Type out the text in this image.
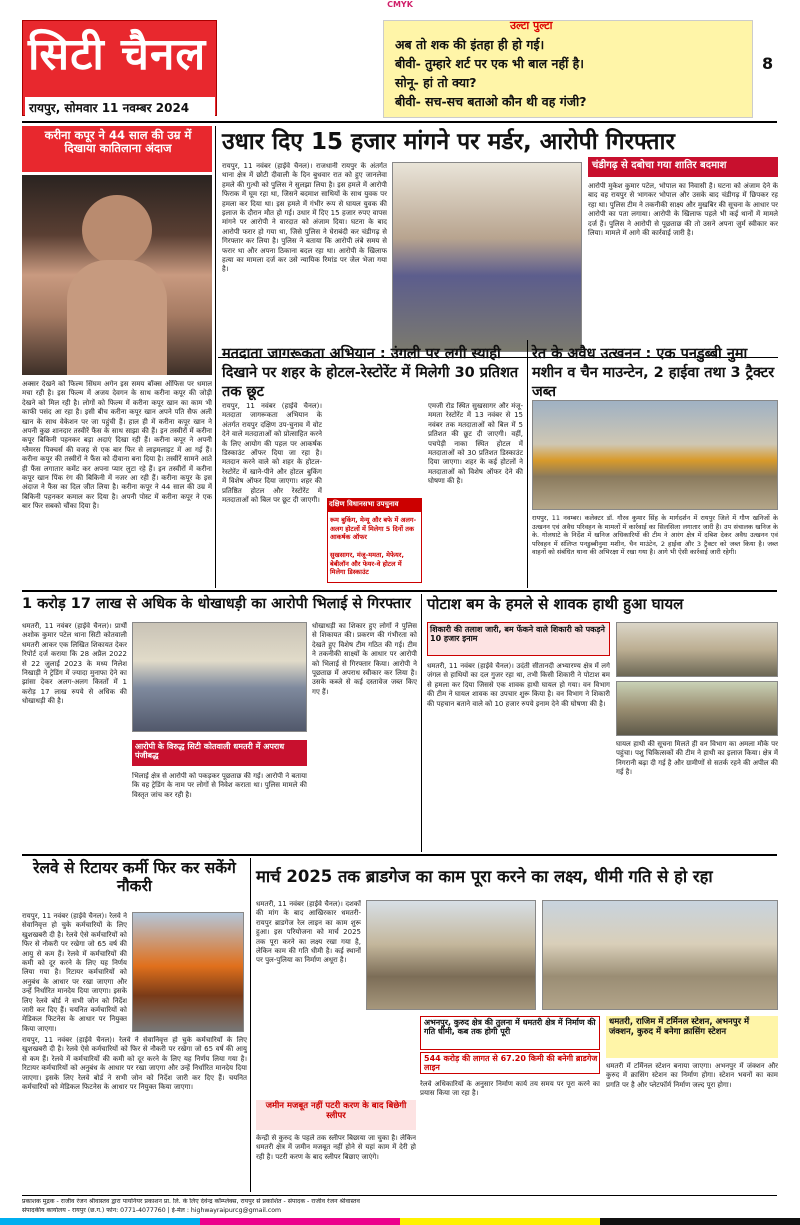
CMYK
सिटी चैनल
रायपुर, सोमवार 11 नवम्बर 2024
उल्टा पुल्टा
अब तो शक की इंतहा ही हो गई।
बीवी- तुम्हारे शर्ट पर एक भी बाल नहीं है।
सोनू- हां तो क्या?
बीवी- सच-सच बताओ कौन थी वह गंजी?
8
करीना कपूर ने 44 साल की उम्र में दिखाया कातिलाना अंदाज
अक्सर देखने को फिल्म सिंघम अगेन इस समय बॉक्स ऑफिस पर धमाल मचा रही है। इस फिल्म में अजय देवगन के साथ करीना कपूर की जोड़ी देखने को मिल रही है। लोगों को फिल्म में करीना कपूर खान का काम भी काफी पसंद आ रहा है। इसी बीच करीना कपूर खान अपने पति सैफ अली खान के साथ वेकेशन पर जा पहुंची हैं। हाल ही में करीना कपूर खान ने अपनी कुछ शानदार तस्वीरें फैंस के साथ साझा की हैं। इन तस्वीरों में करीना कपूर बिकिनी पहनकर बड़ा अदाएं दिखा रही हैं। करीना कपूर ने अपनी ग्लैमरस पिक्चर्स की वजह से एक बार फिर से लाइमलाइट में आ गई हैं। करीना कपूर की तस्वीरों ने फैंस को दीवाना बना दिया है। तस्वीरें सामने आते ही फैंस लगातार कमेंट कर अपना प्यार लुटा रहे हैं। इन तस्वीरों में करीना कपूर खान पिंक रंग की बिकिनी में नजर आ रही हैं। करीना कपूर के इस अंदाज ने फैंस का दिल जीत लिया है। करीना कपूर ने 44 साल की उम्र में बिकिनी पहनकर कमाल कर दिया है। अपनी पोस्ट में करीना कपूर ने एक बार फिर सबको चौंका दिया है।
उधार दिए 15 हजार मांगने पर मर्डर, आरोपी गिरफ्तार
रायपुर, 11 नवंबर (हाईवे चैनल)। राजधानी रायपुर के अंतर्गत थाना क्षेत्र में छोटी दीवाली के दिन बुधवार रात को हुए जानलेवा हमले की गुत्थी को पुलिस ने सुलझा लिया है। इस हमले में आरोपी फिराक में घूम रहा था, जिसने बदमाश साथियों के साथ युवक पर हमला कर दिया था। इस हमले में गंभीर रूप से घायल युवक की इलाज के दौरान मौत हो गई। उधार में दिए 15 हजार रुपए वापस मांगने पर आरोपी ने वारदात को अंजाम दिया। घटना के बाद आरोपी फरार हो गया था, जिसे पुलिस ने घेराबंदी कर चंडीगढ़ से गिरफ्तार कर लिया है। पुलिस ने बताया कि आरोपी लंबे समय से फरार था और अपना ठिकाना बदल रहा था। आरोपी के खिलाफ हत्या का मामला दर्ज कर उसे न्यायिक रिमांड पर जेल भेजा गया है।
चंडीगढ़ से दबोचा गया शातिर बदमाश
आरोपी मुकेश कुमार पटेल, भोपाल का निवासी है। घटना को अंजाम देने के बाद वह रायपुर से भागकर भोपाल और उसके बाद चंडीगढ़ में छिपकर रह रहा था। पुलिस टीम ने तकनीकी साक्ष्य और मुखबिर की सूचना के आधार पर आरोपी का पता लगाया। आरोपी के खिलाफ पहले भी कई थानों में मामले दर्ज हैं। पुलिस ने आरोपी से पूछताछ की तो उसने अपना जुर्म स्वीकार कर लिया। मामले में आगे की कार्रवाई जारी है।
मतदाता जागरूकता अभियान : उंगली पर लगी स्याही दिखाने पर शहर के होटल-रेस्टोरेंट में मिलेगी 30 प्रतिशत तक छूट
रायपुर, 11 नवंबर (हाईवे चैनल)। मतदाता जागरूकता अभियान के अंतर्गत रायपुर दक्षिण उप-चुनाव में वोट देने वाले मतदाताओं को प्रोत्साहित करने के लिए आयोग की पहल पर आकर्षक डिस्काउंट ऑफर दिया जा रहा है। मतदान करने वाले को शहर के होटल-रेस्टोरेंट में खाने-पीने और होटल बुकिंग में विशेष ऑफर दिया जाएगा। शहर की प्रतिष्ठित होटल और रेस्टोरेंट में मतदाताओं को बिल पर छूट दी जाएगी।
एमजी रोड स्थित सुखसागर और मंजू-ममता रेस्टोरेंट में 13 नवंबर से 15 नवंबर तक मतदाताओं को बिल में 5 प्रतिशत की छूट दी जाएगी। वहीं, पचपेड़ी नाका स्थित होटल में मतदाताओं को 30 प्रतिशत डिस्काउंट दिया जाएगा। शहर के कई होटलों ने मतदाताओं को विशेष ऑफर देने की घोषणा की है।
दक्षिण विधानसभा उपचुनाव
रूम बुकिंग, मेन्यू और बफे में अलग-अलग होटलों में मिलेगा 5 दिनों तक आकर्षक ऑफर
सुखसागर, मंजू-ममता, मेफेयर, बेबीलॉन और फेयर-वे होटल में मिलेगा डिस्काउंट
रेत के अवैध उत्खनन : एक पनडुब्बी नुमा मशीन व चैन माउन्टेन, 2 हाईवा तथा 3 ट्रैक्टर जब्त
रायपुर, 11 नवम्बर। कलेक्टर डॉ. गौरव कुमार सिंह के मार्गदर्शन में रायपुर जिले में गौण खनिजों के उत्खनन एवं अवैध परिवहन के मामलों में कार्रवाई का सिलसिला लगातार जारी है। उप संचालक खनिज के के. गोलघाटे के निर्देश में खनिज अधिकारियों की टीम ने आरंग क्षेत्र में दबिश देकर अवैध उत्खनन एवं परिवहन में संलिप्त पनडुब्बीनुमा मशीन, चैन माउंटेन, 2 हाईवा और 3 ट्रैक्टर को जब्त किया है। जब्त वाहनों को संबंधित थाना की अभिरक्षा में रखा गया है। आगे भी ऐसी कार्रवाई जारी रहेगी।
1 करोड़ 17 लाख से अधिक के धोखाधड़ी का आरोपी भिलाई से गिरफ्तार
धमतरी, 11 नवंबर (हाईवे चैनल)। प्रार्थी अशोक कुमार पटेल थाना सिटी कोतवाली धमतरी आकर एक लिखित शिकायत देकर रिपोर्ट दर्ज कराया कि 28 अप्रैल 2022 से 22 जुलाई 2023 के मध्य निलेश निखाड़ी ने ट्रेडिंग में ज्यादा मुनाफा देने का झांसा देकर अलग-अलग किस्तों में 1 करोड़ 17 लाख रुपये से अधिक की धोखाधड़ी की है।
आरोपी के विरुद्ध सिटी कोतवाली धमतरी में अपराध पंजीबद्ध
भिलाई क्षेत्र से आरोपी को पकड़कर पूछताछ की गई। आरोपी ने बताया कि वह ट्रेडिंग के नाम पर लोगों से निवेश कराता था। पुलिस मामले की विस्तृत जांच कर रही है।
धोखाधड़ी का शिकार हुए लोगों ने पुलिस से शिकायत की। प्रकरण की गंभीरता को देखते हुए विशेष टीम गठित की गई। टीम ने तकनीकी साक्ष्यों के आधार पर आरोपी को भिलाई से गिरफ्तार किया। आरोपी ने पूछताछ में अपराध स्वीकार कर लिया है। उसके कब्जे से कई दस्तावेज जब्त किए गए हैं।
पोटाश बम के हमले से शावक हाथी हुआ घायल
शिकारी की तलाश जारी, बम फेंकने वाले शिकारी को पकड़ने 10 हजार इनाम
धमतरी, 11 नवंबर (हाईवे चैनल)। उदंती सीतानदी अभ्यारण्य क्षेत्र में लगे जंगल से हाथियों का दल गुजर रहा था, तभी किसी शिकारी ने पोटाश बम से हमला कर दिया जिससे एक शावक हाथी घायल हो गया। वन विभाग की टीम ने घायल शावक का उपचार शुरू किया है। वन विभाग ने शिकारी की पहचान बताने वाले को 10 हजार रुपये इनाम देने की घोषणा की है।
घायल हाथी की सूचना मिलते ही वन विभाग का अमला मौके पर पहुंचा। पशु चिकित्सकों की टीम ने हाथी का इलाज किया। क्षेत्र में निगरानी बढ़ा दी गई है और ग्रामीणों से सतर्क रहने की अपील की गई है।
रेलवे से रिटायर कर्मी फिर कर सकेंगे नौकरी
रायपुर, 11 नवंबर (हाईवे चैनल)। रेलवे ने सेवानिवृत्त हो चुके कर्मचारियों के लिए खुशखबरी दी है। रेलवे ऐसे कर्मचारियों को फिर से नौकरी पर रखेगा जो 65 वर्ष की आयु से कम हैं। रेलवे में कर्मचारियों की कमी को दूर करने के लिए यह निर्णय लिया गया है। रिटायर कर्मचारियों को अनुबंध के आधार पर रखा जाएगा और उन्हें निर्धारित मानदेय दिया जाएगा। इसके लिए रेलवे बोर्ड ने सभी जोन को निर्देश जारी कर दिए हैं। चयनित कर्मचारियों को मेडिकल फिटनेस के आधार पर नियुक्त किया जाएगा।
रायपुर, 11 नवंबर (हाईवे चैनल)। रेलवे ने सेवानिवृत्त हो चुके कर्मचारियों के लिए खुशखबरी दी है। रेलवे ऐसे कर्मचारियों को फिर से नौकरी पर रखेगा जो 65 वर्ष की आयु से कम हैं। रेलवे में कर्मचारियों की कमी को दूर करने के लिए यह निर्णय लिया गया है। रिटायर कर्मचारियों को अनुबंध के आधार पर रखा जाएगा और उन्हें निर्धारित मानदेय दिया जाएगा। इसके लिए रेलवे बोर्ड ने सभी जोन को निर्देश जारी कर दिए हैं। चयनित कर्मचारियों को मेडिकल फिटनेस के आधार पर नियुक्त किया जाएगा।
मार्च 2025 तक ब्राडगेज का काम पूरा करने का लक्ष्य, धीमी गति से हो रहा
धमतरी, 11 नवंबर (हाईवे चैनल)। दशकों की मांग के बाद आखिरकार धमतरी-रायपुर ब्राडगेज रेल लाइन का काम शुरू हुआ। इस परियोजना को मार्च 2025 तक पूरा करने का लक्ष्य रखा गया है, लेकिन काम की गति धीमी है। कई स्थानों पर पुल-पुलिया का निर्माण अधूरा है।
अभनपुर, कुरुद क्षेत्र की तुलना में धमतरी क्षेत्र में निर्माण की गति धीमी, कब तक होगी पूरी
544 करोड़ की लागत से 67.20 किमी की बनेगी ब्राडगेज लाइन
जमीन मजबूत नहीं पटरी करण के बाद बिछेगी स्लीपर
केन्द्री से कुरुद के पहले तक स्लीपर बिछाया जा चुका है। लेकिन धमतरी क्षेत्र में जमीन मजबूत नहीं होने से यहां काम में देरी हो रही है। पटरी करण के बाद स्लीपर बिछाए जाएंगे।
रेलवे अधिकारियों के अनुसार निर्माण कार्य तय समय पर पूरा करने का प्रयास किया जा रहा है।
धमतरी, राजिम में टर्मिनल स्टेशन, अभनपुर में जंक्शन, कुरुद में बनेगा क्रासिंग स्टेशन
धमतरी में टर्मिनल स्टेशन बनाया जाएगा। अभनपुर में जंक्शन और कुरुद में क्रासिंग स्टेशन का निर्माण होगा। स्टेशन भवनों का काम प्रगति पर है और प्लेटफॉर्म निर्माण जल्द पूरा होगा।
प्रकाशक मुद्रक - राजीव रंजन श्रीवास्तव द्वारा पायनियर प्रकाशन प्रा. लि. के लिए देवेन्द्र कॉम्प्लेक्स, रायपुर से प्रकाशित - संपादक - राजीव रंजन श्रीवास्तव
संपादकीय कार्यालय - रायपुर (छ.ग.) फोन: 0771-4077760 | ई-मेल : highwayraipurcg@gmail.com
